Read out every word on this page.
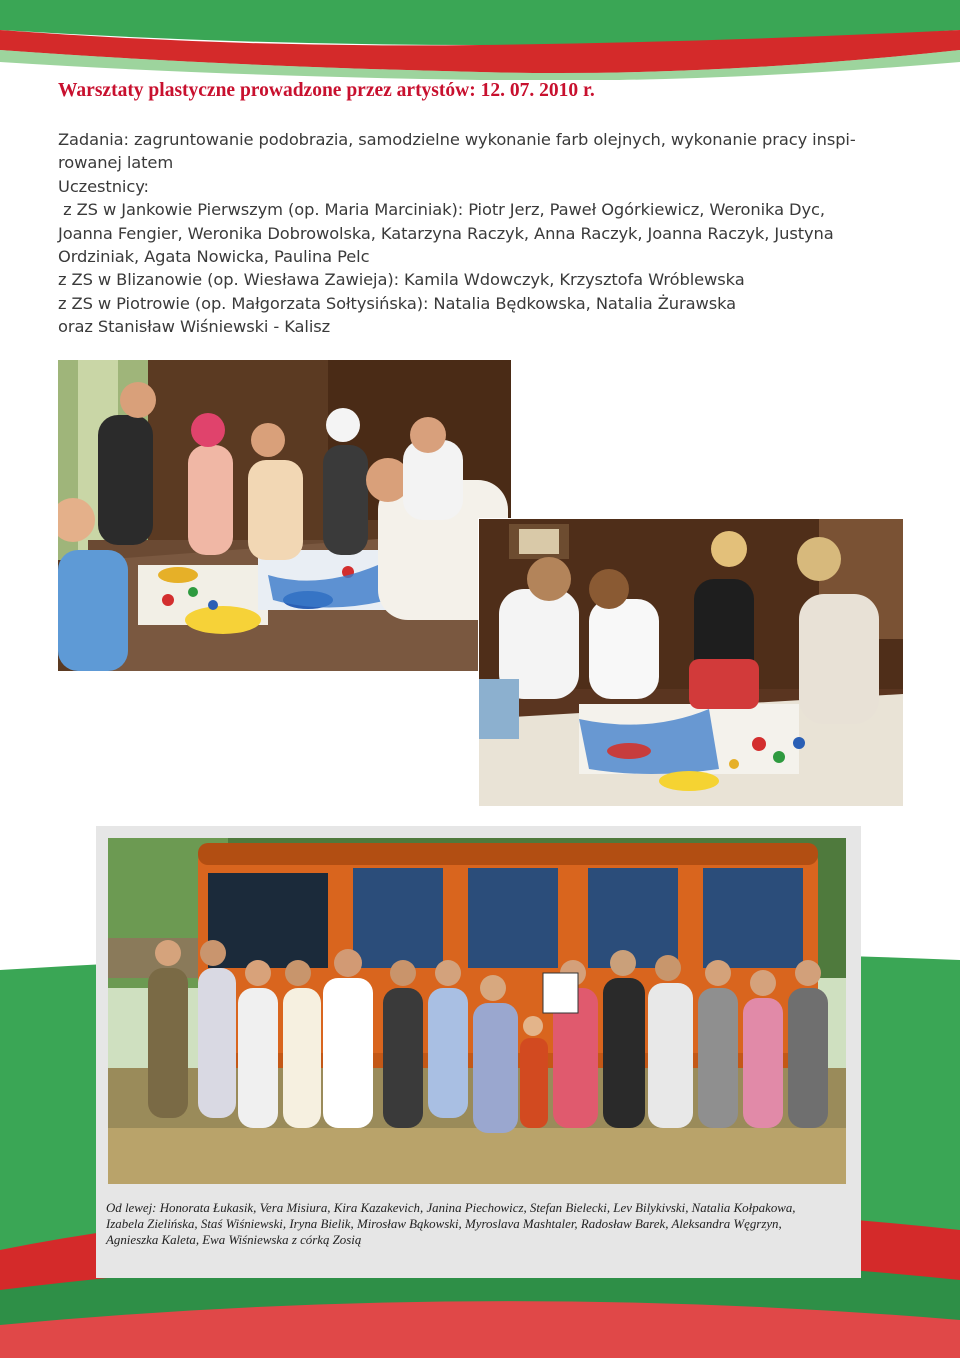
Warsztaty plastyczne prowadzone przez artystów: 12. 07. 2010 r.

Zadania: zagruntowanie podobrazia, samodzielne wykonanie farb olejnych, wykonanie pracy inspi-

rowanej latem

Uczestnicy:

z ZS w Jankowie Pierwszym (op. Maria Marciniak): Piotr Jerz, Paweł Ogórkiewicz, Weronika Dyc,

Joanna Fengier, Weronika Dobrowolska, Katarzyna Raczyk, Anna Raczyk, Joanna Raczyk, Justyna

Ordziniak, Agata Nowicka, Paulina Pelc

z ZS w Blizanowie (op. Wiesława Zawieja): Kamila Wdowczyk, Krzysztofa Wróblewska

z ZS w Piotrowie (op. Małgorzata Sołtysińska): Natalia Będkowska, Natalia Żurawska

oraz Stanisław Wiśniewski - Kalisz

Od lewej: Honorata Łukasik, Vera Misiura, Kira Kazakevich, Janina Piechowicz, Stefan Bielecki, Lev Bilykivski, Natalia Kołpakowa,
Izabela Zielińska, Staś Wiśniewski, Iryna Bielik, Mirosław Bąkowski, Myroslava Mashtaler, Radosław Barek, Aleksandra Węgrzyn,
Agnieszka Kaleta, Ewa Wiśniewska z córką Zosią
